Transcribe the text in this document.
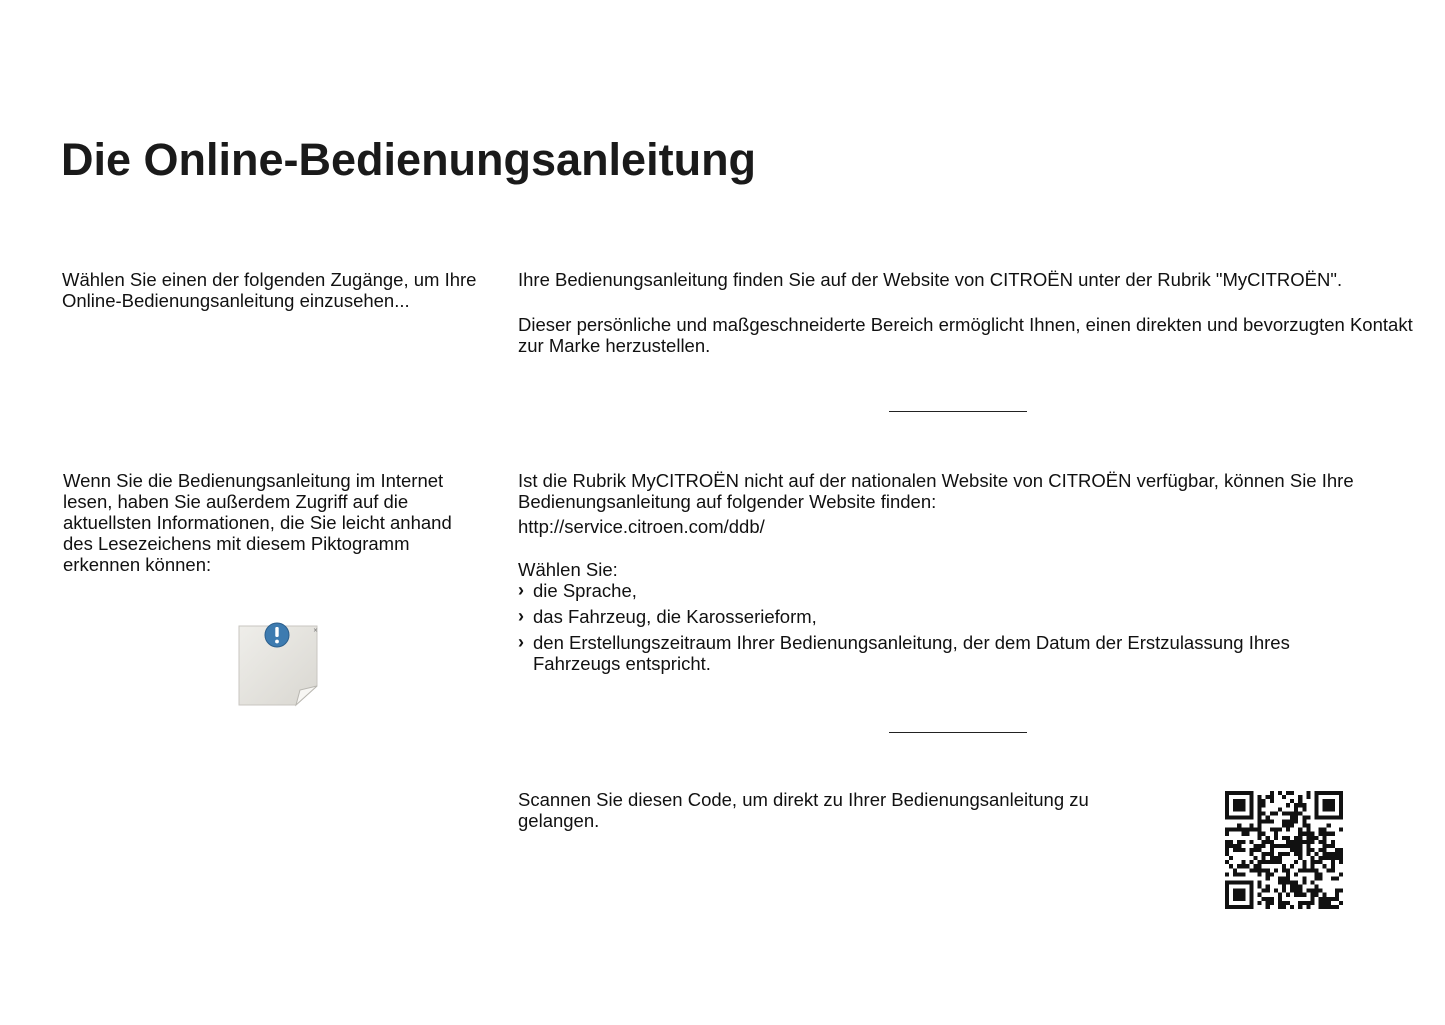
Die Online-Bedienungsanleitung

Wählen Sie einen der folgenden Zugänge, um Ihre Online-Bedienungsanleitung einzusehen...

Wenn Sie die Bedienungsanleitung im Internet lesen, haben Sie außerdem Zugriff auf die aktuellsten Informationen, die Sie leicht anhand des Lesezeichens mit diesem Piktogramm erkennen können:

×

Ihre Bedienungsanleitung finden Sie auf der Website von CITROËN unter der Rubrik "MyCITROËN".

Dieser persönliche und maßgeschneiderte Bereich ermöglicht Ihnen, einen direkten und bevorzugten Kontakt zur Marke herzustellen.

Ist die Rubrik MyCITROËN nicht auf der nationalen Website von CITROËN verfügbar, können Sie Ihre Bedienungsanleitung auf folgender Website finden:

http://service.citroen.com/ddb/

Wählen Sie:

› die Sprache,
› das Fahrzeug, die Karosserieform,
› den Erstellungszeitraum Ihrer Bedienungsanleitung, der dem Datum der Erstzulassung Ihres Fahrzeugs entspricht.

Scannen Sie diesen Code, um direkt zu Ihrer Bedienungsanleitung zu gelangen.
